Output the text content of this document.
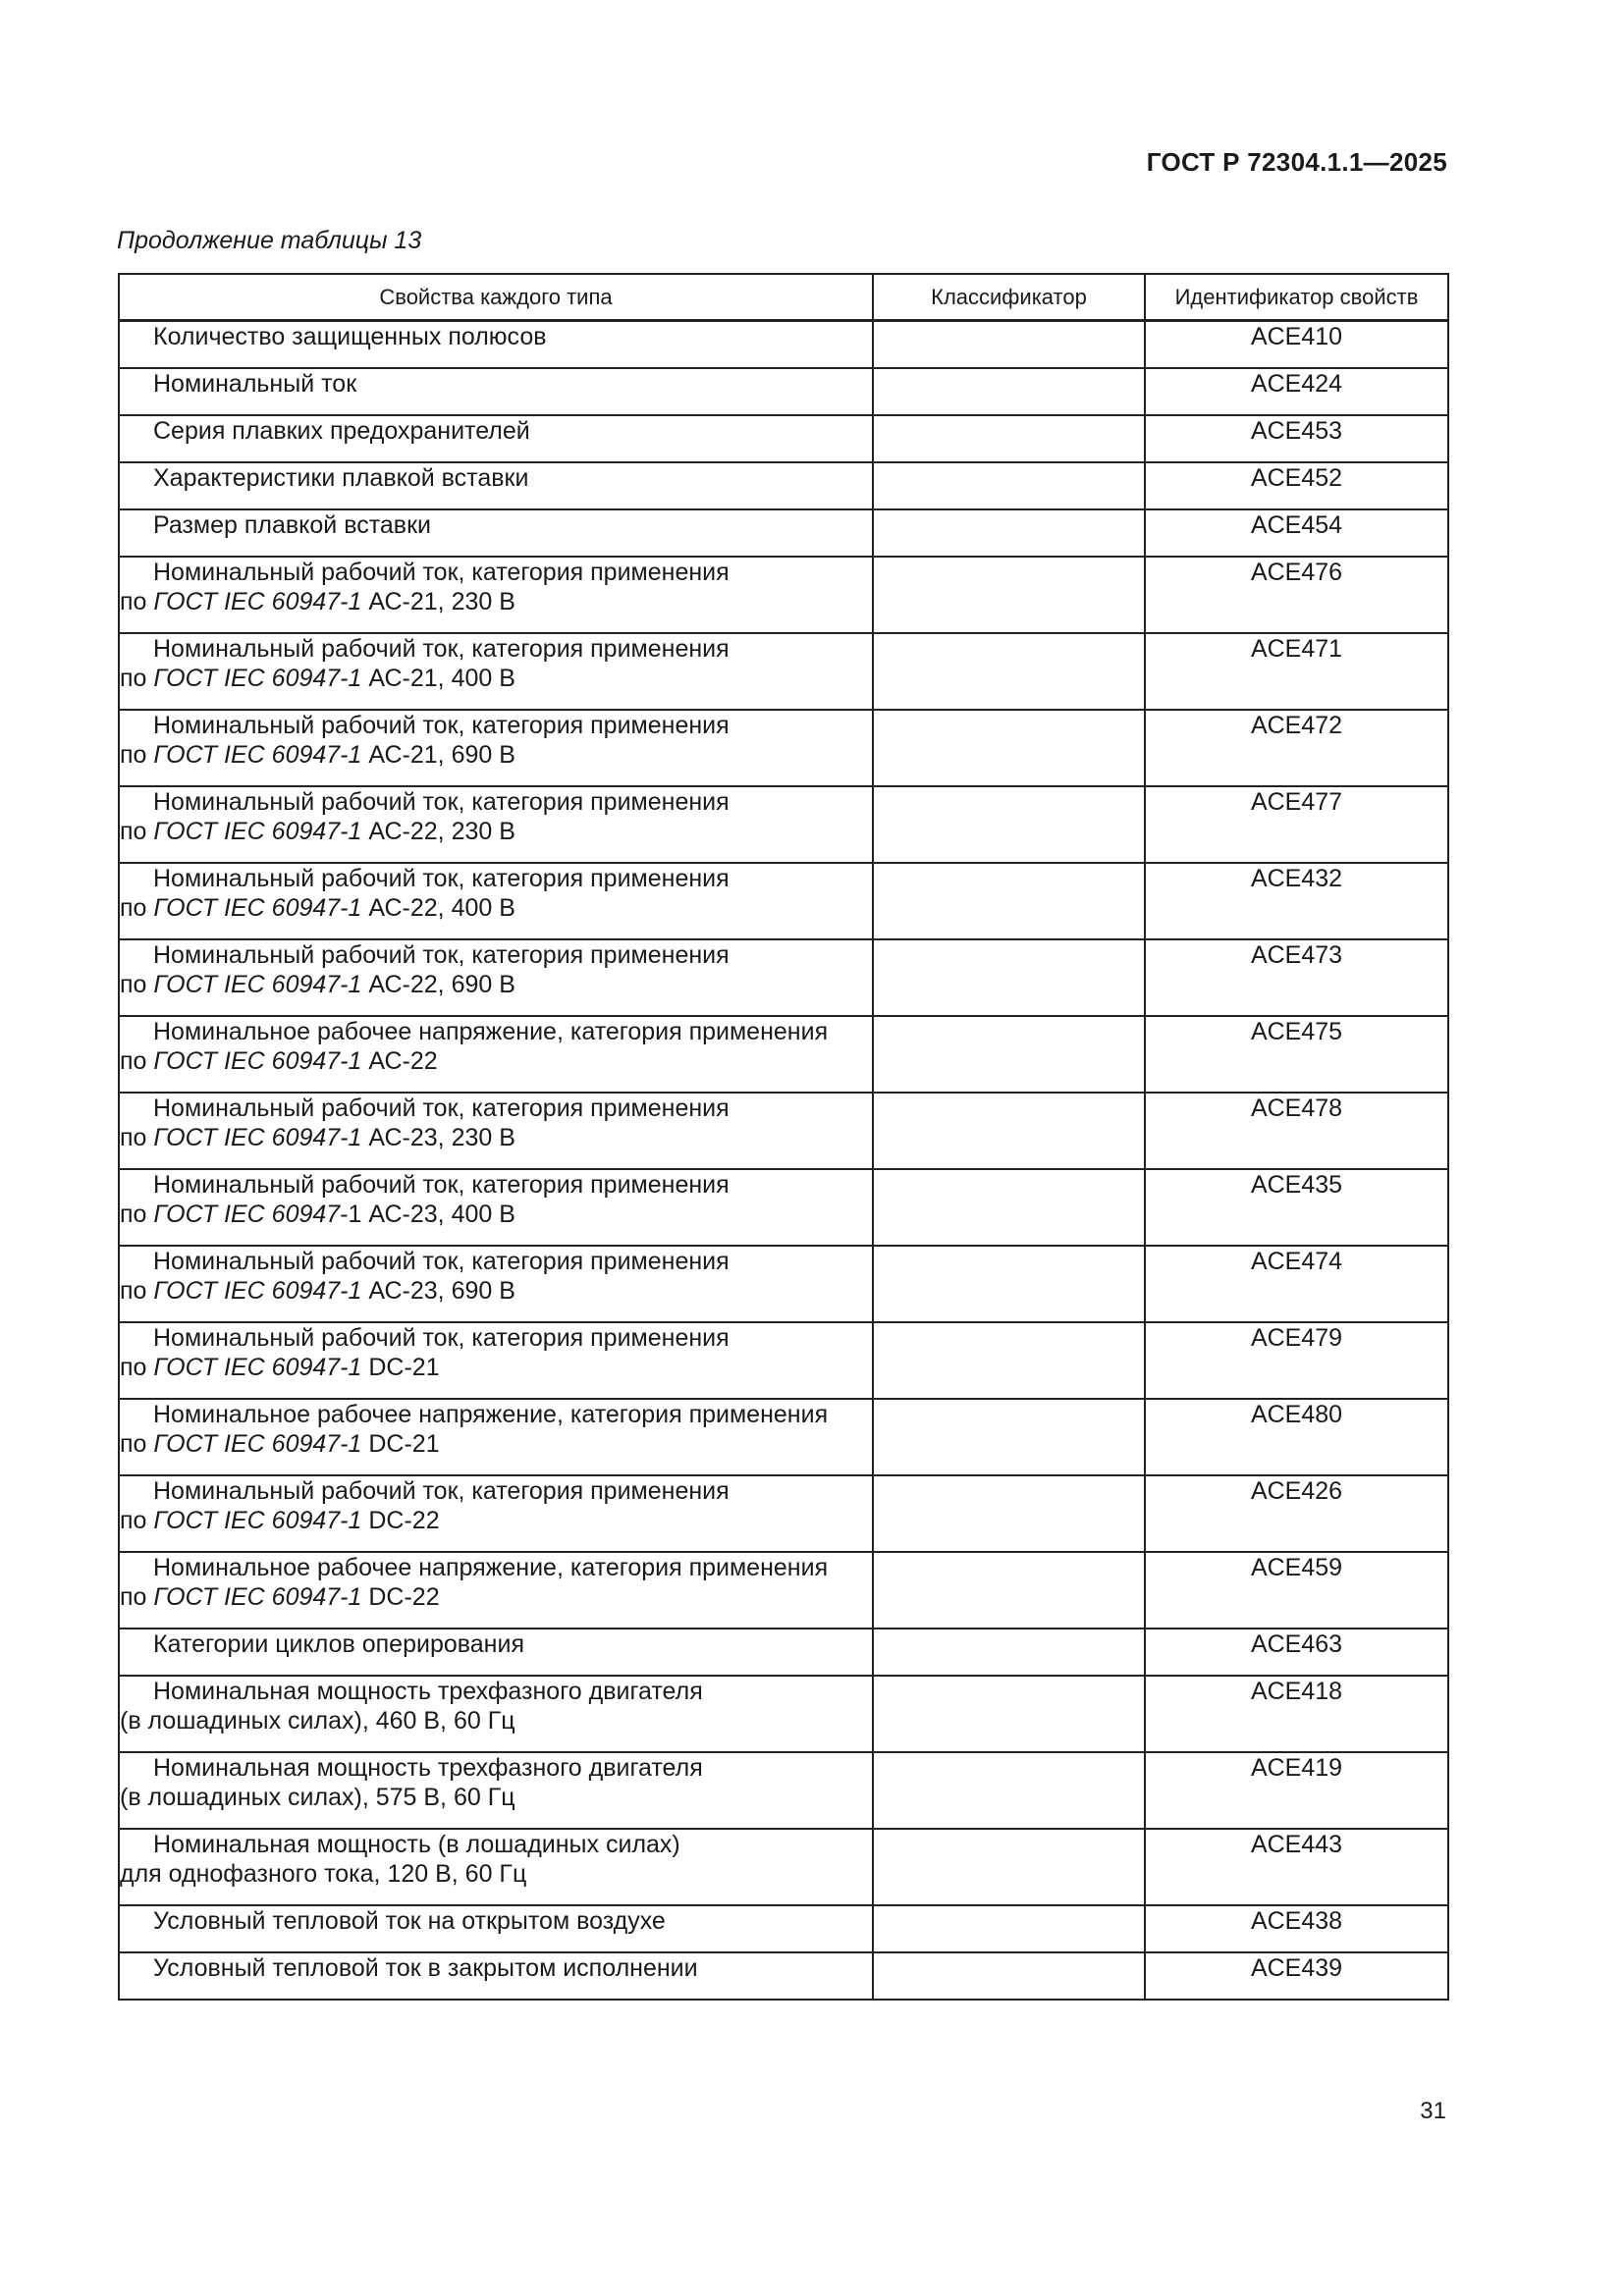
ГОСТ Р 72304.1.1—2025
Продолжение таблицы 13
Свойства каждого типа	Классификатор	Идентификатор свойств

Количество защищенных полюсов		ACE410

Номинальный ток		ACE424

Серия плавких предохранителей		ACE453

Характеристики плавкой вставки		ACE452

Размер плавкой вставки		ACE454

Номинальный рабочий ток, категория применения
по ГОСТ IEC 60947-1 АС-21, 230 В		ACE476

Номинальный рабочий ток, категория применения
по ГОСТ IEC 60947-1 АС-21, 400 В		ACE471

Номинальный рабочий ток, категория применения
по ГОСТ IEC 60947-1 АС-21, 690 В		ACE472

Номинальный рабочий ток, категория применения
по ГОСТ IEC 60947-1 АС-22, 230 В		ACE477

Номинальный рабочий ток, категория применения
по ГОСТ IEC 60947-1 АС-22, 400 В		ACE432

Номинальный рабочий ток, категория применения
по ГОСТ IEC 60947-1 АС-22, 690 В		ACE473

Номинальное рабочее напряжение, категория применения
по ГОСТ IEC 60947-1 АС-22		ACE475

Номинальный рабочий ток, категория применения
по ГОСТ IEC 60947-1 АС-23, 230 В		ACE478

Номинальный рабочий ток, категория применения
по ГОСТ IEC 60947-1 АС-23, 400 В		ACE435

Номинальный рабочий ток, категория применения
по ГОСТ IEC 60947-1 АС-23, 690 В		ACE474

Номинальный рабочий ток, категория применения
по ГОСТ IEC 60947-1 DC-21		ACE479

Номинальное рабочее напряжение, категория применения
по ГОСТ IEC 60947-1 DC-21		ACE480

Номинальный рабочий ток, категория применения
по ГОСТ IEC 60947-1 DC-22		ACE426

Номинальное рабочее напряжение, категория применения
по ГОСТ IEC 60947-1 DC-22		ACE459

Категории циклов оперирования		ACE463

Номинальная мощность трехфазного двигателя
(в лошадиных силах), 460 В, 60 Гц		ACE418

Номинальная мощность трехфазного двигателя
(в лошадиных силах), 575 В, 60 Гц		ACE419

Номинальная мощность (в лошадиных силах)
для однофазного тока, 120 В, 60 Гц		ACE443

Условный тепловой ток на открытом воздухе		ACE438

Условный тепловой ток в закрытом исполнении		ACE439
31
